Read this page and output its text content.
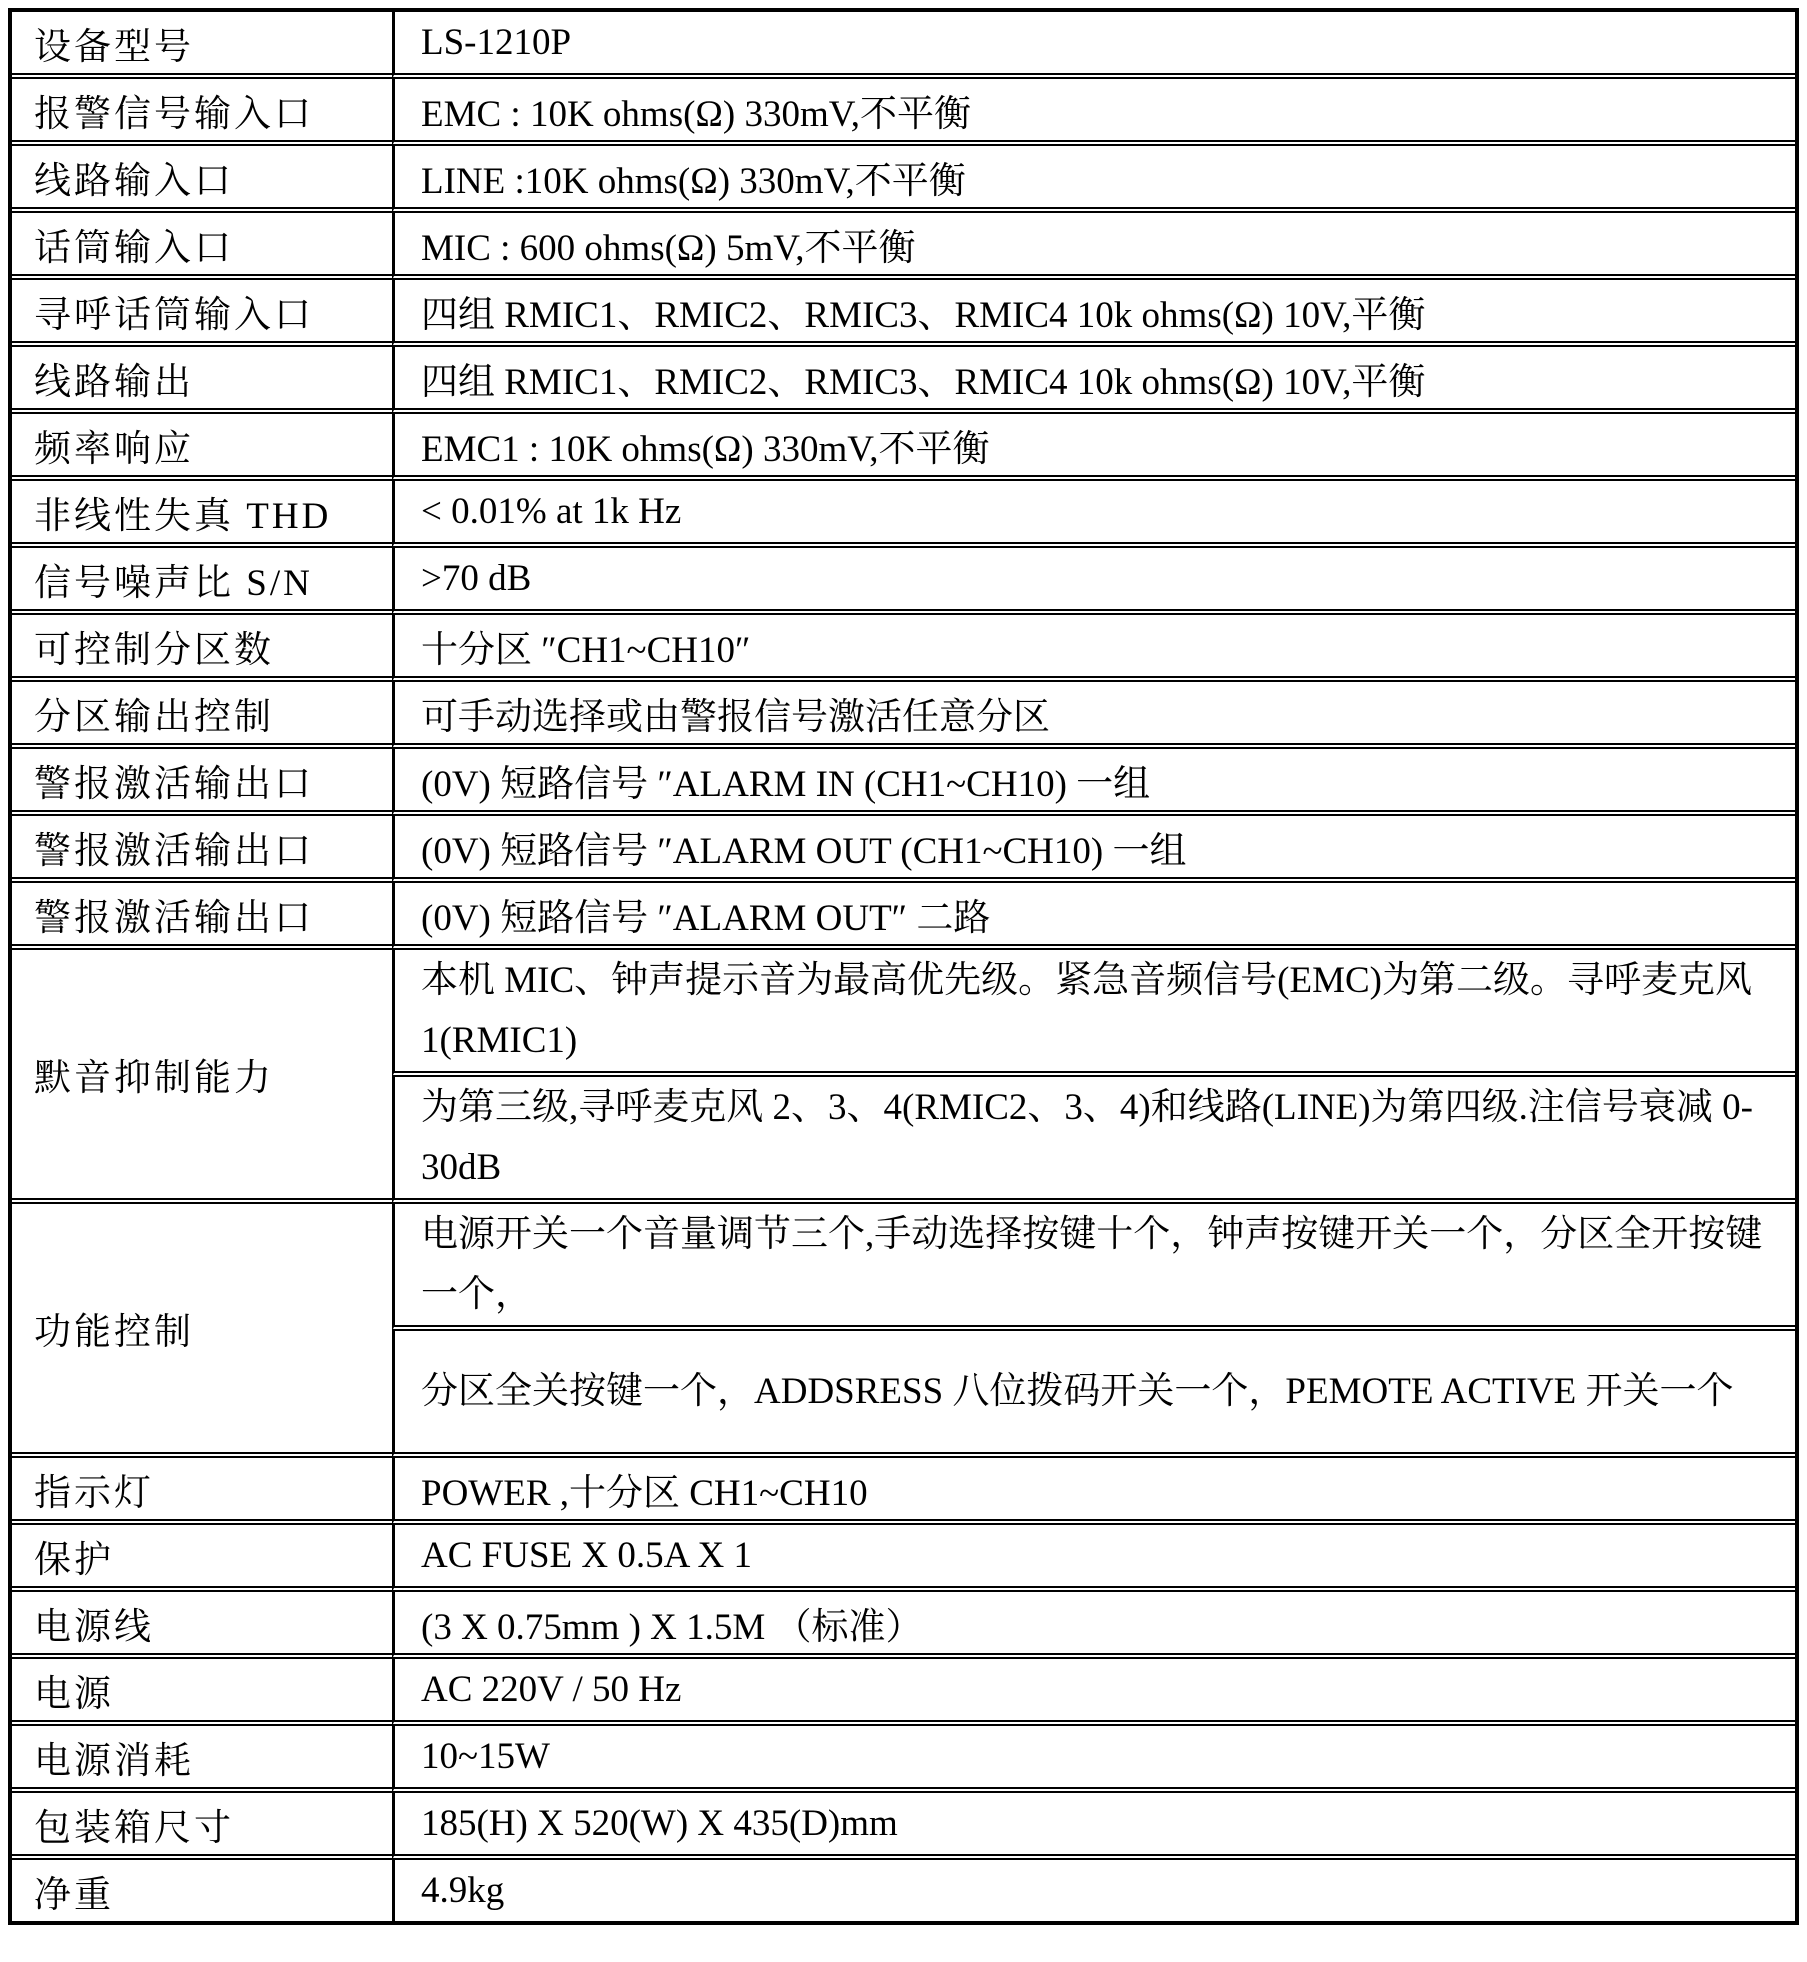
设备型号	LS-1210P
报警信号输入口	EMC : 10K ohms(Ω) 330mV,不平衡
线路输入口	LINE :10K ohms(Ω) 330mV,不平衡
话筒输入口	MIC : 600 ohms(Ω) 5mV,不平衡
寻呼话筒输入口	四组 RMIC1、RMIC2、RMIC3、RMIC4 10k ohms(Ω) 10V,平衡
线路输出	四组 RMIC1、RMIC2、RMIC3、RMIC4 10k ohms(Ω) 10V,平衡
频率响应	EMC1 : 10K ohms(Ω) 330mV,不平衡
非线性失真 THD	< 0.01% at 1k Hz
信号噪声比 S/N	>70 dB
可控制分区数	十分区 ″CH1~CH10″
分区输出控制	可手动选择或由警报信号激活任意分区
警报激活输出口	(0V) 短路信号 ″ALARM IN (CH1~CH10) 一组
警报激活输出口	(0V) 短路信号 ″ALARM OUT (CH1~CH10) 一组
警报激活输出口	(0V) 短路信号 ″ALARM OUT″ 二路
默音抑制能力	本机 MIC、钟声提示音为最高优先级。紧急音频信号(EMC)为第二级。寻呼麦克风 1(RMIC1)
	为第三级,寻呼麦克风 2、3、4(RMIC2、3、4)和线路(LINE)为第四级.注信号衰减 0-30dB
功能控制	电源开关一个音量调节三个,手动选择按键十个，钟声按键开关一个，分区全开按键一个，
	分区全关按键一个，ADDSRESS 八位拨码开关一个，PEMOTE ACTIVE 开关一个
指示灯	POWER ,十分区 CH1~CH10
保护	AC FUSE X 0.5A X 1
电源线	(3 X 0.75mm ) X 1.5M （标准）
电源	AC 220V / 50 Hz
电源消耗	10~15W
包装箱尺寸	185(H) X 520(W) X 435(D)mm
净重	4.9kg
